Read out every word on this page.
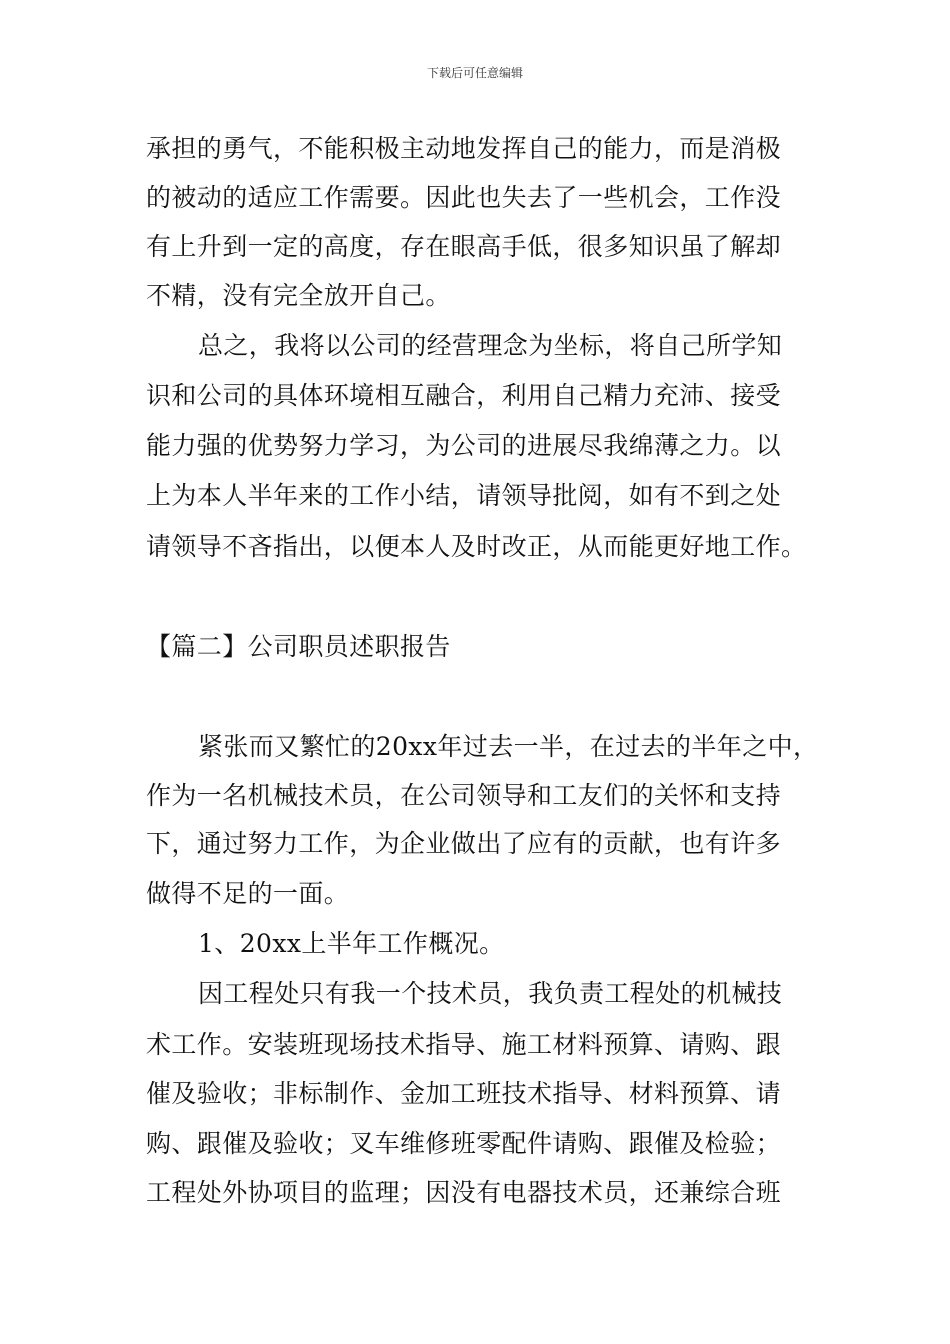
下载后可任意编辑
承担的勇气，不能积极主动地发挥自己的能力，而是消极
的被动的适应工作需要。因此也失去了一些机会，工作没
有上升到一定的高度，存在眼高手低，很多知识虽了解却
不精，没有完全放开自己。
总之，我将以公司的经营理念为坐标，将自己所学知
识和公司的具体环境相互融合，利用自己精力充沛、接受
能力强的优势努力学习，为公司的进展尽我绵薄之力。以
上为本人半年来的工作小结，请领导批阅，如有不到之处
请领导不吝指出，以便本人及时改正，从而能更好地工作。
【篇二】公司职员述职报告
紧张而又繁忙的20xx年过去一半，在过去的半年之中，
作为一名机械技术员，在公司领导和工友们的关怀和支持
下，通过努力工作，为企业做出了应有的贡献，也有许多
做得不足的一面。
1、20xx上半年工作概况。
因工程处只有我一个技术员，我负责工程处的机械技
术工作。安装班现场技术指导、施工材料预算、请购、跟
催及验收；非标制作、金加工班技术指导、材料预算、请
购、跟催及验收；叉车维修班零配件请购、跟催及检验；
工程处外协项目的监理；因没有电器技术员，还兼综合班
